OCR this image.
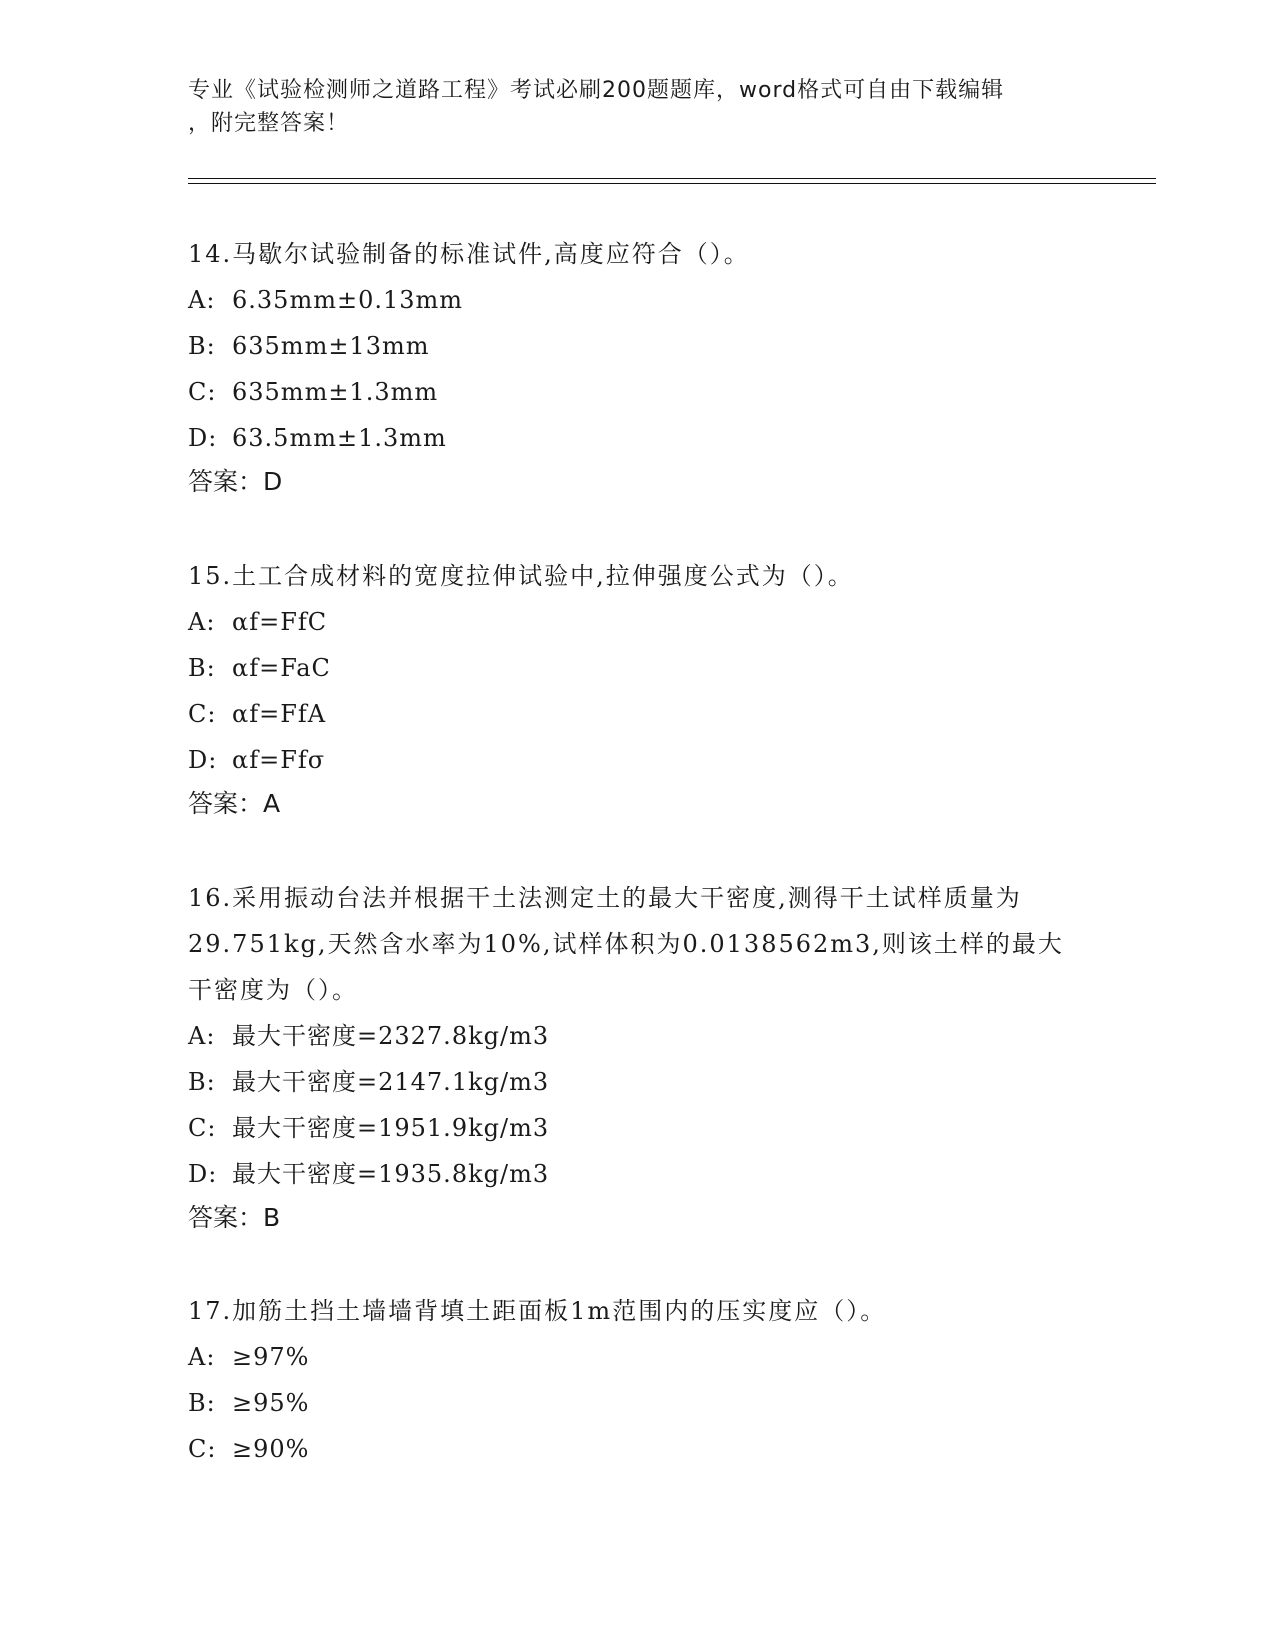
专业《试验检测师之道路工程》考试必刷200题题库，word格式可自由下载编辑
，附完整答案！
14.马歇尔试验制备的标准试件,高度应符合（）。
A: 6.35mm±0.13mm
B: 635mm±13mm
C: 635mm±1.3mm
D: 63.5mm±1.3mm
答案：D
15.土工合成材料的宽度拉伸试验中,拉伸强度公式为（）。
A: αf=FfC
B: αf=FaC
C: αf=FfA
D: αf=Ffσ
答案：A
16.采用振动台法并根据干土法测定土的最大干密度,测得干土试样质量为29.751kg,天然含水率为10%,试样体积为0.0138562m3,则该土样的最大干密度为（）。
A: 最大干密度=2327.8kg/m3
B: 最大干密度=2147.1kg/m3
C: 最大干密度=1951.9kg/m3
D: 最大干密度=1935.8kg/m3
答案：B
17.加筋土挡土墙墙背填土距面板1m范围内的压实度应（）。
A: ≥97%
B: ≥95%
C: ≥90%
